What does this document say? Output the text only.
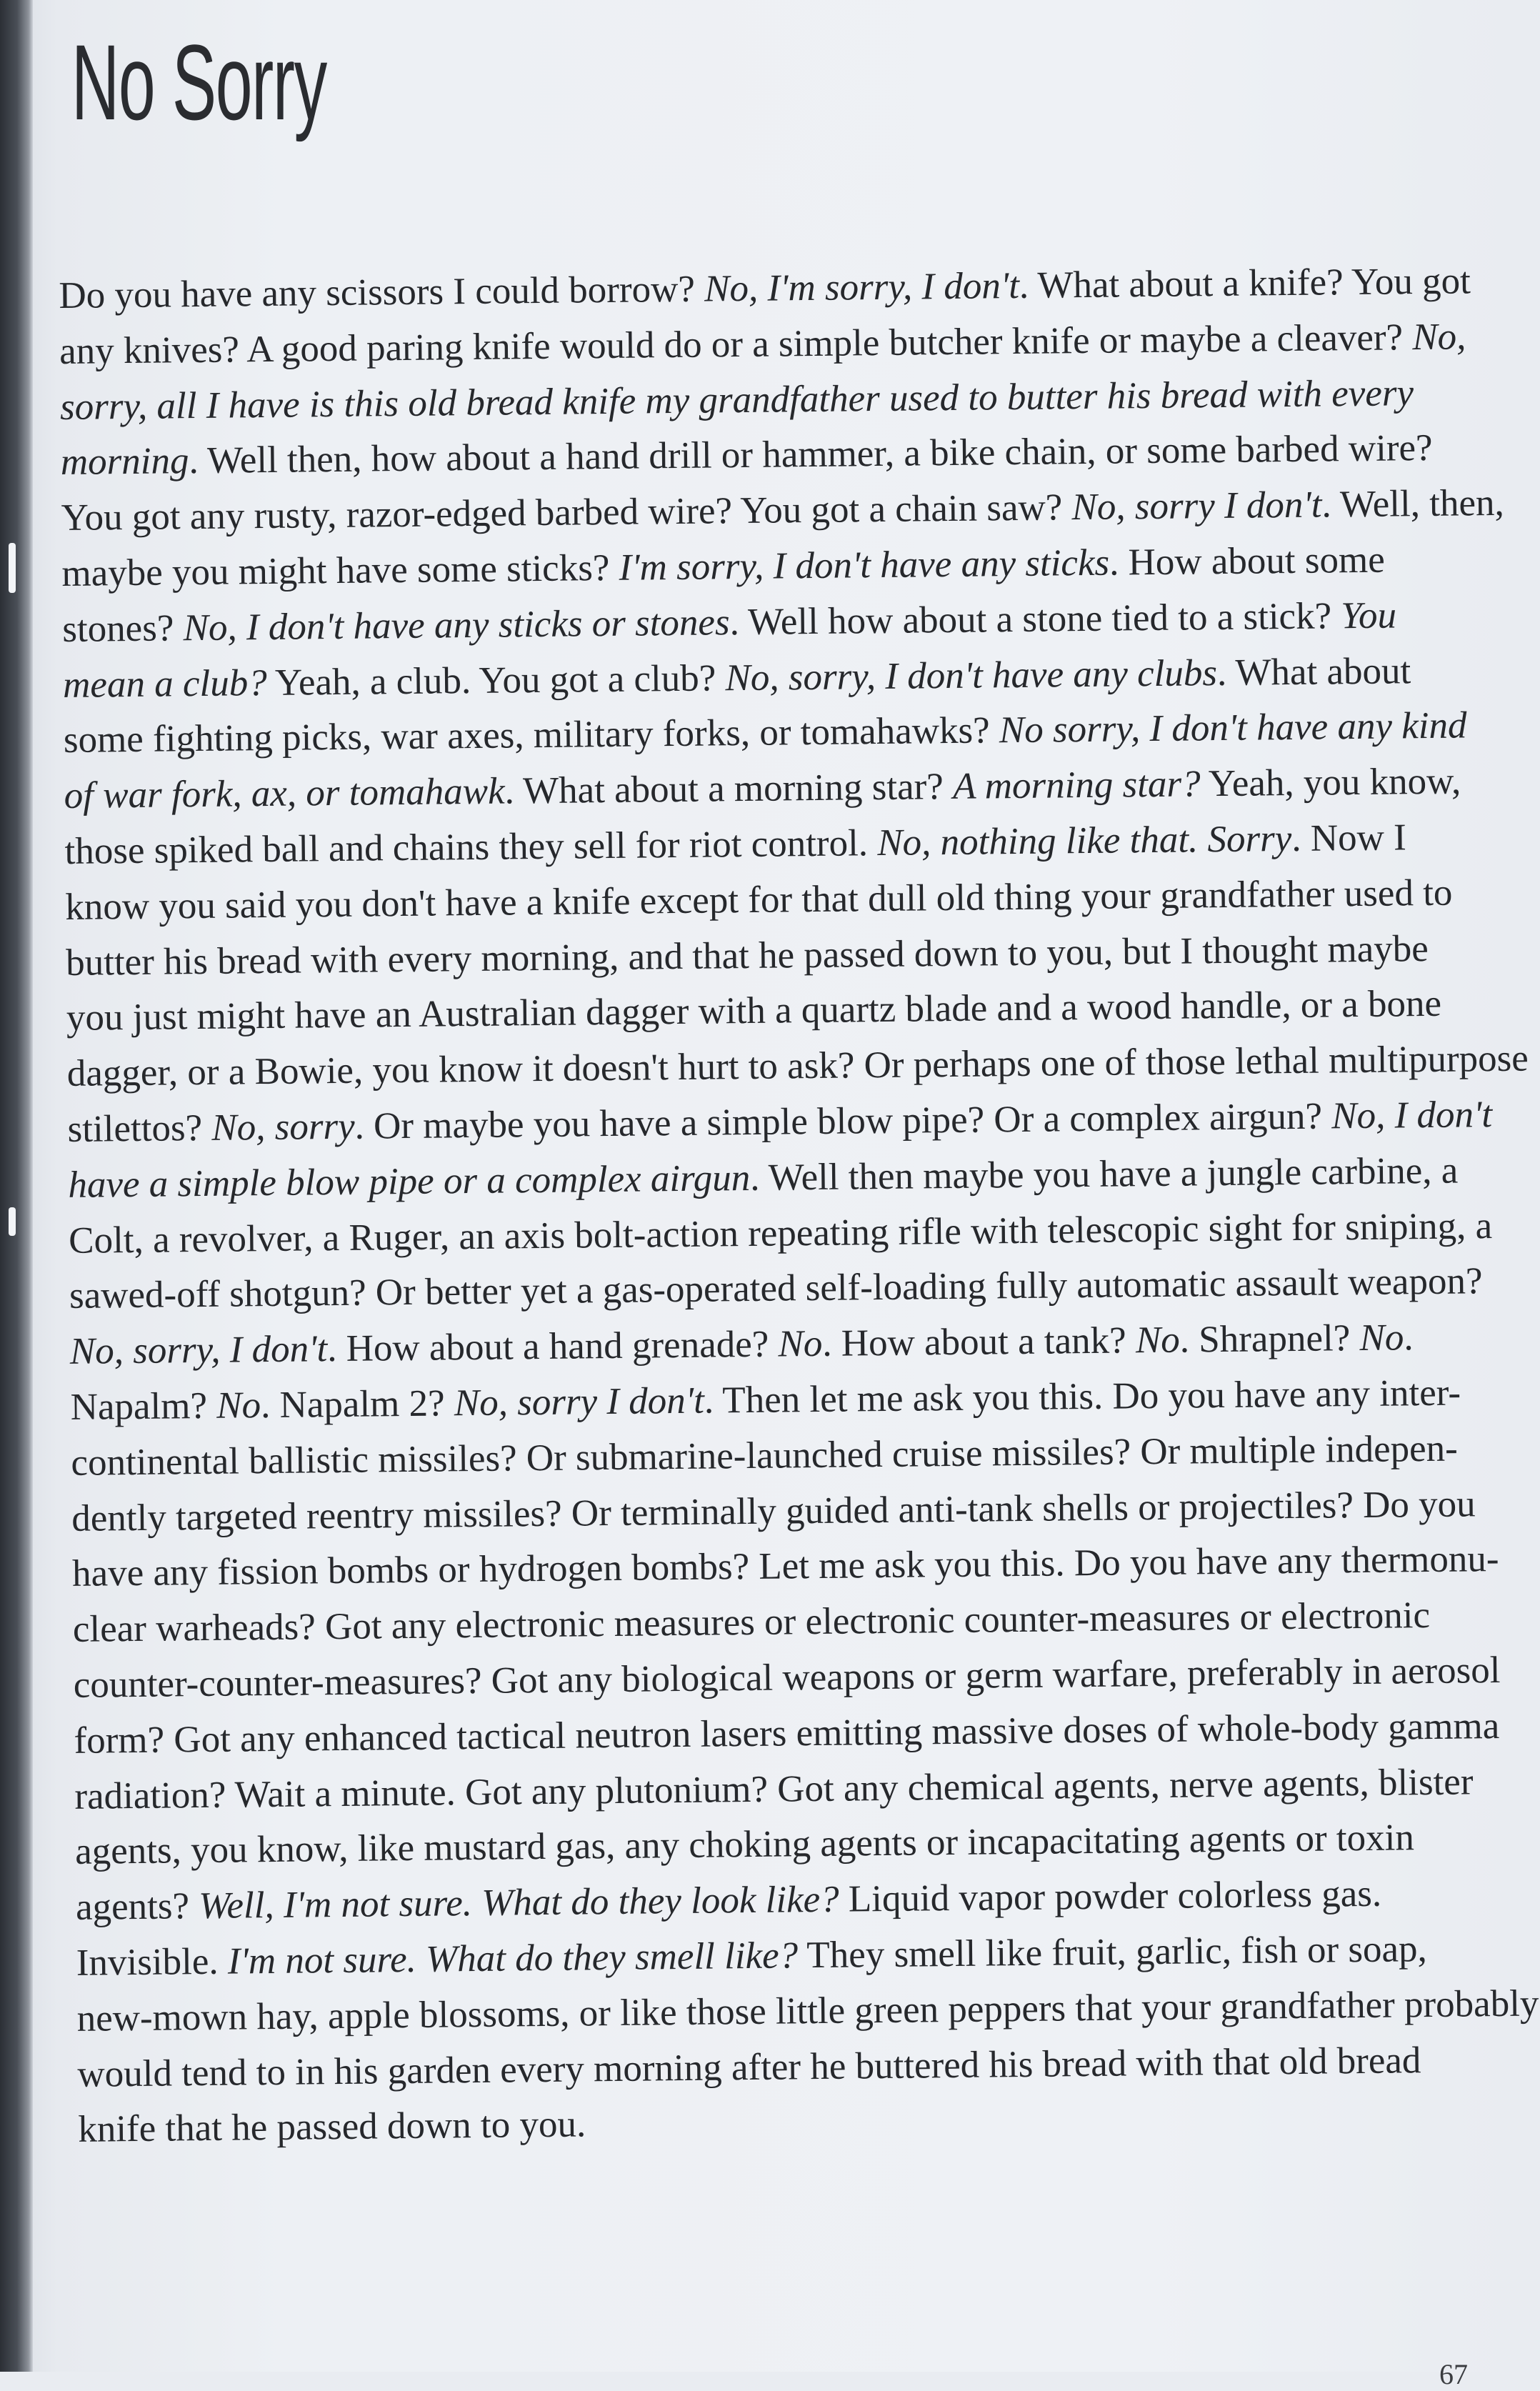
No Sorry
Do you have any scissors I could borrow? No, I'm sorry, I don't. What about a knife? You got
any knives? A good paring knife would do or a simple butcher knife or maybe a cleaver? No,
sorry, all I have is this old bread knife my grandfather used to butter his bread with every
morning. Well then, how about a hand drill or hammer, a bike chain, or some barbed wire?
You got any rusty, razor-edged barbed wire? You got a chain saw? No, sorry I don't. Well, then,
maybe you might have some sticks? I'm sorry, I don't have any sticks. How about some
stones? No, I don't have any sticks or stones. Well how about a stone tied to a stick? You
mean a club? Yeah, a club. You got a club? No, sorry, I don't have any clubs. What about
some fighting picks, war axes, military forks, or tomahawks? No sorry, I don't have any kind
of war fork, ax, or tomahawk. What about a morning star? A morning star? Yeah, you know,
those spiked ball and chains they sell for riot control. No, nothing like that. Sorry. Now I
know you said you don't have a knife except for that dull old thing your grandfather used to
butter his bread with every morning, and that he passed down to you, but I thought maybe
you just might have an Australian dagger with a quartz blade and a wood handle, or a bone
dagger, or a Bowie, you know it doesn't hurt to ask? Or perhaps one of those lethal multipurpose
stilettos? No, sorry. Or maybe you have a simple blow pipe? Or a complex airgun? No, I don't
have a simple blow pipe or a complex airgun. Well then maybe you have a jungle carbine, a
Colt, a revolver, a Ruger, an axis bolt-action repeating rifle with telescopic sight for sniping, a
sawed-off shotgun? Or better yet a gas-operated self-loading fully automatic assault weapon?
No, sorry, I don't. How about a hand grenade? No. How about a tank? No. Shrapnel? No.
Napalm? No. Napalm 2? No, sorry I don't. Then let me ask you this. Do you have any inter-
continental ballistic missiles? Or submarine-launched cruise missiles? Or multiple indepen-
dently targeted reentry missiles? Or terminally guided anti-tank shells or projectiles? Do you
have any fission bombs or hydrogen bombs? Let me ask you this. Do you have any thermonu-
clear warheads? Got any electronic measures or electronic counter-measures or electronic
counter-counter-measures? Got any biological weapons or germ warfare, preferably in aerosol
form? Got any enhanced tactical neutron lasers emitting massive doses of whole-body gamma
radiation? Wait a minute. Got any plutonium? Got any chemical agents, nerve agents, blister
agents, you know, like mustard gas, any choking agents or incapacitating agents or toxin
agents? Well, I'm not sure. What do they look like? Liquid vapor powder colorless gas.
Invisible. I'm not sure. What do they smell like? They smell like fruit, garlic, fish or soap,
new-mown hay, apple blossoms, or like those little green peppers that your grandfather probably
would tend to in his garden every morning after he buttered his bread with that old bread
knife that he passed down to you.
67
